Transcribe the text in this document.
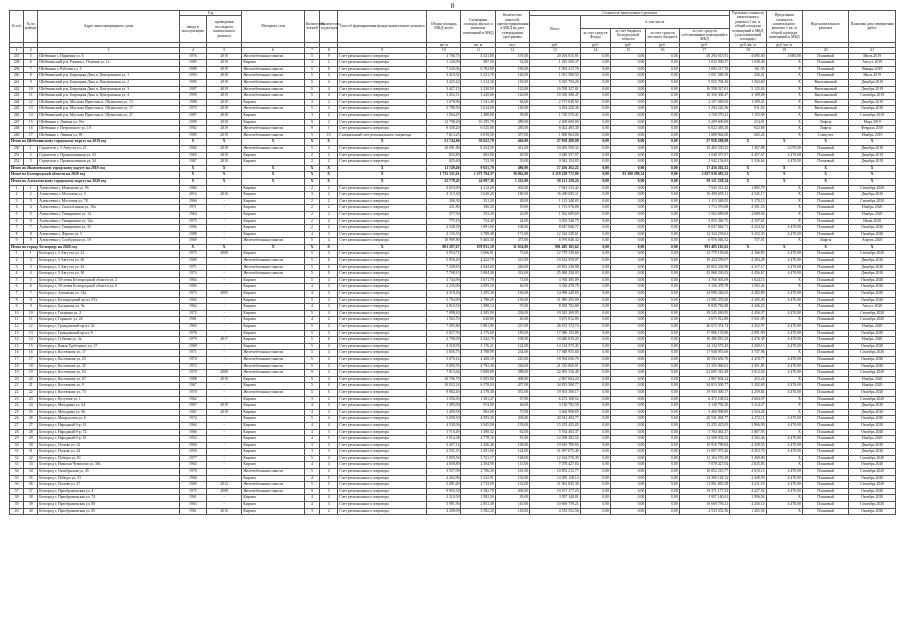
8
№ п/п	№ по району	Адрес многоквартирного дома	Год		Материал стен	Количество этажей	Количество подъездов	Способ формирования фонда капитального ремонта	Общая площадь МКД, всего	Суммарная площадь жилых и нежилых помещений в МКД	Количество жителей, зарегистрированных в МКД на дату утверждения программы	Стоимость капитального ремонта					Удельная стоимость капитального ремонта 1 кв. м общей площади помещений в МКД (для помещений площади)	Предельная стоимость капитального ремонта 1 кв. м общей площади помещений в МКД	Вид капитального ремонта	Плановая дата завершения работ
			ввода в эксплуатацию	проведения последнего капитального ремонта								Всего	в том числе							
													за счет средств Фонда	за счет бюджета Белгородской области	за счет средств местного бюджета	за счет средств собственников помещений в МКД				
									кв. м	кв. м	чел.	руб.	руб.	руб.	руб.	руб.	руб./кв. м	руб./кв. м		
1	2	3	4	5	6	7	8	9	10	11	12	13	14	15	16	17	18	19	20	21
237	5	Шебекино г, Парковая ул, 6	1976	2019	Железобетонные панели	5	9	Счет регионального оператора	3 708,75	4 331,80	191,00	20 294 015,91	0,00	0,00	0,00	20 294 015,91	4 685,00	4 685,00	Плановый	Июль 2019
238	6	Шебекинский р-н, Ржевка с, Полевая ул, 1а	1985	2019	Кирпич	3	2	Счет регионального оператора	1 126,00	987,50	52,00	1 025 500,37	0,00	0,00	0,00	1 025 500,37	1 038,48	X	Плановый	Август 2019
239	7	Шебекино г, Рабочая ул, 3	1988	2019	Железобетонные панели	5	6	Счет регионального оператора	7 545,06	6 782,00	190,00	1 092 217,76	0,00	0,00	0,00	1 092 217,76	161,05	X	Плановый	Январь 2019
240	8	Шебекинский р-н, Батрацкая Дача п, Центральная ул, 1	1993	2019	Железобетонные панели	5	4	Счет регионального оператора	3 410,32	3 221,70	120,00	1 051 580,50	0,00	0,00	0,00	1 051 580,50	326,41	X	Плановый	Июль 2019
241	9	Шебекинский р-н, Батрацкая Дача п, Центральная ул, 2	1995	2019	Железобетонные панели	5	4	Счет регионального оператора	3 425,42	3 214,30	118,00	5 025 794,26	0,00	0,00	0,00	5 025 794,26	1 563,60	X	Внеплановый	Декабрь 2019
242	10	Шебекинский р-н, Батрацкая Дача п, Центральная ул, 3	1997	2019	Железобетонные панели	5	4	Счет регионального оператора	3 427,15	3 230,50	122,00	16 558 327,01	0,00	0,00	0,00	16 558 327,01	5 125,62	X	Внеплановый	Декабрь 2019
243	11	Шебекинский р-н, Батрацкая Дача п, Центральная ул, 4	1999	2019	Железобетонные панели	5	4	Счет регионального оператора	3 452,11	3 245,60	126,00	10 350 308,47	0,00	0,00	0,00	10 350 308,47	3 189,08	X	Внеплановый	Сентябрь 2019
244	12	Шебекинский р-н, Маслова Пристань п, Шумилова ул, 13	1988	2019	Кирпич	3	2	Счет регионального оператора	1 678,90	1 541,40	64,00	2 157 049,92	0,00	0,00	0,00	2 157 049,92	1 399,41	X	Внеплановый	Декабрь 2019
245	13	Шебекинский р-н, Маслова Пристань п, Шумилова ул, 17	1975	2019	Железобетонные панели	5	4	Счет регионального оператора	3 780,50	3 614,00	140,00	3 294 220,36	0,00	0,00	0,00	3 294 220,36	911,52	X	Внеплановый	Октябрь 2019
246	14	Шебекинский р-н, Маслова Пристань п, Шумилова ул, 27	1987	2019	Кирпич	3	2	Счет регионального оператора	1 564,45	1 488,80	58,00	1 720 570,41	0,00	0,00	0,00	1 720 570,41	1 155,68	X	Внеплановый	Сентябрь 2019
247	15	Шебекино г, Ленина ул, 91а	1999	2019	Кирпич	9	2	Счет регионального оператора	12 798,20	10 295,70	289,00	2 209 600,00	0,00	0,00	0,00	2 209 600,00	214,61	X	Лифты	Март 2019
248	16	Шебекино г, Петровского ул, 10	1992	2019	Железобетонные панели	9	1	Счет регионального оператора	9 358,20	6 525,80	285,00	6 022 483,30	0,00	0,00	0,00	6 022 483,30	922,88	X	Лифты	Февраль 2019
249	17	Шебекино г, Ленина ул, 89	1985	2019	Железобетонные панели	5	10	Специальный счет регионального оператора	7 613,25	6 819,50	357,00	1 808 964,00	0,00	0,00	0,00	1 808 964,00	265,26	X	Спецсчет	Ноябрь 2019
Итого по Шебекинскому городскому округу на 2019 год			X	X	X	X	X	X	51 744,60	59 652,78	466,00	27 958 288,08	0,00	0,00	0,00	27 958 288,08	X	X	X	X
250	1	Строитель г, 5 Августа ул, 21	1982	2019	Железобетонные панели	5	4	Счет регионального оператора	10 091,00	8 254,50	411,00	10 465 550,32	0,00	0,00	0,00	10 465 550,32	1 267,88	4 070,00	Плановый	Декабрь 2019
251	2	Строитель г, Промышленная ул, 32	1965	2019	Кирпич	2	2	Счет регионального оператора	832,80	683,90	40,00	3 048 557,07	0,00	0,00	0,00	3 048 557,07	4 457,67	4 470,00	Плановый	Декабрь 2019
252	3	Строитель г, Промышленная ул, 34	1967	2019	Кирпич	2	2	Счет регионального оператора	825,60	713,30	35,00	3 942 154,83	0,00	0,00	0,00	3 942 154,83	5 526,64	4 470,00	Плановый	Декабрь 2019
Итого по Яковлевскому городскому округу на 2019 год			X	X	X	X	X	X	11 749,40	9 651,70	486,00	17 456 262,22	0,00	0,00	0,00	17 456 262,22	X	X	X	X
Итого по Белгородской области на 2020 год			X	X	X	X	X	X	1 735 331,61	1 273 794,37	38 062,00	2 119 238 772,86	0,00	91 308 289,34	0,00	2 027 930 483,52	X	X	X	X
Итого по Алексеевскому городскому округу на 2020 год			X	X	X	X	X	X	25 778,45	24 097,36	1 225,00	59 121 228,24	0,00	0,00	0,00	59 121 228,24	X	X	X	X
1	1	Алексеевка г, Мамонова ул, 9б	1984	-	Кирпич	2	2	Счет регионального оператора	4 653,90	4 212,20	202,00	7 943 313,42	0,00	0,00	0,00	7 943 313,42	1 885,79	X	Плановый	Сентябрь 2020
2	2	Алексеевка г, Мостовая ул, 3	2016	2016	Кирпич	3	2	Счет регионального оператора	4 115,30	3 628,20	180,00	16 490 695,11	0,00	0,00	0,00	16 490 695,11	4 545,17	X	Плановый	Декабрь 2020
3	3	Алексеевка г, Мостовая ул, 78	1966	-	Кирпич	2	2	Счет регионального оператора	396,30	351,20	28,00	1 113 348,05	0,00	0,00	0,00	1 113 348,05	3 170,13	X	Плановый	Сентябрь 2020
4	4	Алексеевка г, Спасательная ул, 10а	1971	-	Кирпич	2	2	Счет регионального оператора	431,80	390,20	19,00	1 713 576,88	0,00	0,00	0,00	1 713 576,88	4 391,53	X	Плановый	Ноябрь 2020
5	5	Алексеевка г, Тимирязева ул, 14	1964	-	Кирпич	2	2	Счет регионального оператора	377,30	333,20	22,00	1 562 689,69	0,00	0,00	0,00	1 562 689,69	4 689,94	X	Плановый	Ноябрь 2020
6	6	Алексеевка г, Тимирязева ул, 14а	1975	-	Кирпич	2	2	Счет регионального оператора	775,10	734,40	24,00	3 053 346,75	0,00	0,00	0,00	3 053 346,75	4 157,61	X	Плановый	Июнь 2020
7	7	Алексеевка г, Тимирязева ул, 35	1966	-	Кирпич	2	2	Счет регионального оператора	2 348,50	1 891,60	104,00	8 047 846,71	0,00	0,00	0,00	8 047 846,71	4 254,52	4 470,00	Плановый	Октябрь 2020
8	8	Алексеевка г, Фрунзе ул, 5	1988	-	Кирпич	4	3	Счет регионального оператора	4 135,55	3 789,40	171,00	12 324 239,61	0,00	0,00	0,00	12 324 239,61	3 252,35	4 470,00	Плановый	Октябрь 2020
9	9	Алексеевка г, Слободская ул, 19	1969	-	Железобетонные панели	5	4	Счет регионального оператора	10 999,90	9 465,30	475,00	6 976 046,32	0,00	0,00	0,00	6 976 046,32	737,01	X	Лифты	Апрель 2020
Итого по городу Белгороду на 2020 год			X	X	X	X	X	X	901 297,67	678 931,18	31 634,00	991 485 165,62	0,00	0,00	0,00	991 485 165,62	X	X	X	X
1	1	Белгород г, 5 Августа ул, 22	1975	2008	Кирпич	5	4	Счет регионального оператора	3 954,71	3 066,91	73,00	12 779 139,60	0,00	0,00	0,00	12 779 139,60	4 166,83	4 470,00	Плановый	Сентябрь 2020
2	2	Белгород г, 5 Августа ул, 26	1969	-	Железобетонные панели	5	6	Счет регионального оператора	5 956,20	4 422,70	213,00	19 434 559,07	0,00	0,00	0,00	19 434 559,07	4 394,28	4 470,00	Плановый	Декабрь 2020
3	3	Белгород г, 5 Августа ул, 34	1971	-	Железобетонные панели	5	6	Счет регионального оператора	7 249,63	4 944,60	246,00	20 852 236,98	0,00	0,00	0,00	20 852 236,98	4 217,17	4 470,00	Плановый	Декабрь 2020
4	4	Белгород г, 5 Августа ул, 38	1974	-	Железобетонные панели	5	8	Счет регионального оператора	7 708,10	5 804,40	314,00	25 868 230,03	0,00	0,00	0,00	25 868 230,03	4 456,67	4 470,00	Плановый	Декабрь 2020
5	5	Белгород г, 50-летия Белгородской области ул, 2	1964	-	Кирпич	5	4	Счет регионального оператора	3 744,90	3 671,70	73,00	3 760 305,09	0,00	0,00	0,00	3 760 305,09	1 024,13	X	Плановый	Октябрь 2020
6	6	Белгород г, 50-летия Белгородской области ул, 6	1965	-	Кирпич	4	3	Счет регионального оператора	2 235,00	2 095,20	40,00	3 336 478,78	0,00	0,00	0,00	3 336 478,78	1 592,44	X	Плановый	Октябрь 2020
7	7	Белгород г, Агошкова ул, 14а	1973	2005	Кирпич	4	4	Счет регионального оператора	4 318,40	3 295,30	136,00	14 096 240,65	0,00	0,00	0,00	14 096 240,65	4 282,80	4 470,00	Плановый	Октябрь 2020
8	8	Белгород г, Белгородский пр-кт, 87а	1965	-	Кирпич	5	3	Счет регионального оператора	3 794,90	2 790,25	130,00	11 985 255,00	0,00	0,00	0,00	11 985 255,00	4 295,40	4 470,00	Плановый	Октябрь 2020
9	9	Белгород г, Богданова ул, 9а	1962	-	Кирпич	4	3	Счет регионального оператора	2 810,54	1 988,14	97,00	8 839 782,88	0,00	0,00	0,00	8 839 782,88	4 446,23	X	Плановый	Август 2020
10	10	Белгород г, Гагарина ул, 2	1972	-	Кирпич	5	4	Счет регионального оператора	7 098,40	4 385,90	236,00	19 545 269,95	0,00	0,00	0,00	19 545 269,95	4 456,37	4 470,00	Плановый	Сентябрь 2020
11	11	Белгород г, Горького ул, 24	1961	-	Кирпич	4	2	Счет регионального оператора	1 563,70	620,80	40,00	3 675 812,80	0,00	0,00	0,00	3 675 812,80	5 921,09	X	Плановый	Сентябрь 2020
12	12	Белгород г, Гражданский пр-кт, 32	1965	-	Кирпич	5	4	Счет регионального оператора	7 585,80	5 801,80	215,00	26 672 374,74	0,00	0,00	0,00	26 672 374,74	4 452,97	4 470,00	Плановый	Ноябрь 2020
13	13	Белгород г, Гражданский пр-кт, 8	1976	-	Кирпич	5	4	Счет регионального оператора	5 837,50	4 175,60	185,00	17 086 135,80	0,00	0,00	0,00	17 086 135,80	4 091,90	4 470,00	Плановый	Октябрь 2020
14	14	Белгород г, Губкина ул, 3а	1979	2017	Кирпич	5	6	Счет регионального оператора	2 790,00	2 342,70	108,00	10 486 819,20	0,00	0,00	0,00	10 486 819,20	4 476,38	4 470,00	Плановый	Ноябрь 2020
15	15	Белгород г, Князя Трубецкого ул, 17	1969	-	Кирпич	5	4	Счет регионального оператора	4 318,95	3 176,21	122,00	14 134 575,45	0,00	0,00	0,00	14 134 575,45	4 450,13	4 470,00	Плановый	Октябрь 2020
16	16	Белгород г, Костюкова ул, 17	1971	-	Железобетонные панели	5	4	Счет регионального оператора	5 056,75	4 788,99	234,00	17 948 955,60	0,00	0,00	0,00	17 948 955,60	3 747,96	X	Плановый	Сентябрь 2020
17	17	Белгород г, Костюкова ул, 23	1970	-	Железобетонные панели	5	4	Счет регионального оператора	5 670,12	4 208,10	210,00	18 594 656,70	0,00	0,00	0,00	18 594 656,70	4 418,77	4 470,00	Плановый	Октябрь 2020
18	18	Белгород г, Костюкова ул, 25	1972	-	Железобетонные панели	5	4	Счет регионального оператора	5 695,55	4 792,40	226,00	21 335 060,01	0,00	0,00	0,00	21 335 060,01	4 451,85	4 470,00	Плановый	Октябрь 2020
19	19	Белгород г, Костюкова ул, 63	1970	2008	Железобетонные панели	9	4	Счет регионального оператора	7 813,64	5 869,80	288,00	22 695 316,49	0,00	0,00	0,00	22 695 316,49	3 912,04	4 470,00	Плановый	Сентябрь 2020
20	20	Белгород г, Костюкова ул, 67	1988	2019	Кирпич	9	4	Счет регионального оператора	10 706,70	6 905,80	498,00	2 867 604,24	0,00	0,00	0,00	2 867 604,24	415,24	X	Плановый	Ноябрь 2020
21	21	Белгород г, Костюкова ул, 9	1967	-	Кирпич	5	4	Счет регионального оператора	10 022,14	6 578,04	457,00	34 815 500,77	0,00	0,00	0,00	34 815 500,77	5 292,69	4 470,00	Плановый	Ноябрь 2020
22	22	Белгород г, Костюкова ул, 73	1970	-	Железобетонные панели	5	6	Счет регионального оператора	9 882,40	4 578,40	351,00	19 503 300,17	0,00	0,00	0,00	19 503 300,17	4 259,84	4 470,00	Плановый	Октябрь 2020
23	23	Белгород г, Кутузова ул, 1	1962	-	Кирпич	3	2	Счет регионального оператора	1 550,50	1 381,47	67,00	6 472 108,52	0,00	0,00	0,00	6 472 108,52	4 684,97	X	Плановый	Сентябрь 2020
24	24	Белгород г, Мичурина ул, 64	1967	2019	Кирпич	4	3	Счет регионального оператора	1 495,00	974,00	46,00	3 130 792,50	0,00	0,00	0,00	3 130 792,50	3 214,37	X	Плановый	Декабрь 2020
25	25	Белгород г, Мичурина ул, 66	1967	2019	Кирпич	4	3	Счет регионального оператора	1 490,58	982,00	57,00	3 460 998,85	0,00	0,00	0,00	3 460 998,85	3 524,44	X	Плановый	Декабрь 2020
26	26	Белгород г, Мокроусова ул, 6	1972	-	Кирпич	5	4	Счет регионального оператора	5 690,30	4 593,30	203,00	20 541 494,77	0,00	0,00	0,00	20 541 494,77	4 472,11	4 470,00	Плановый	Октябрь 2020
27	27	Белгород г, Народный б-р, 61	1964	-	Кирпич	4	4	Счет регионального оператора	4 530,56	3 945,00	135,00	15 255 425,05	0,00	0,00	0,00	15 255 425,05	3 866,99	4 470,00	Плановый	Октябрь 2020
28	28	Белгород г, Народный б-р, 72	1966	-	Кирпич	4	3	Счет регионального оператора	1 710,49	1 490,32	62,00	5 764 463,37	0,00	0,00	0,00	5 764 463,37	3 867,93	X	Плановый	Октябрь 2020
29	29	Белгород г, Народный б-р, 81	1952	-	Кирпич	4	5	Счет регионального оператора	3 014,38	2 778,10	81,00	12 508 302,52	0,00	0,00	0,00	12 508 302,52	4 502,46	4 470,00	Плановый	Ноябрь 2020
30	30	Белгород г, Попова ул, 32	1960	-	Кирпич	3	3	Счет регионального оператора	3 457,14	2 436,46	138,00	10 816 789,84	0,00	0,00	0,00	10 816 789,84	4 439,55	4 470,00	Плановый	Декабрь 2020
31	31	Белгород г, Попова ул, 24	1959	-	Кирпич	3	3	Счет регионального оператора	2 531,35	2 491,60	124,00	11 097 075,46	0,00	0,00	0,00	11 097 075,46	4 453,79	4 470,00	Плановый	Декабрь 2020
32	32	Белгород г, Победы ул, 81	1977	-	Кирпич	5	4	Счет регионального оператора	5 005,56	3 721,17	128,00	12 164 576,39	0,00	0,00	0,00	12 164 576,39	3 269,00	X	Плановый	Сентябрь 2020
33	33	Белгород г, Николая Чумичова ул, 38а	1963	-	Кирпич	4	4	Счет регионального оператора	4 658,89	2 504,90	115,00	7 078 427,04	0,00	0,00	0,00	7 078 427,04	2 825,83	X	Плановый	Октябрь 2020
34	34	Белгород г, Октябрьская ул, 45	1970	-	Железобетонные панели	5	4	Счет регионального оператора	3 557,09	2 706,20	161,00	10 852 215,77	0,00	0,00	0,00	10 852 215,77	4 010,13	4 470,00	Плановый	Сентябрь 2020
35	35	Белгород г, Победы ул, 53	1966	-	Кирпич	4	5	Счет регионального оператора	4 262,90	3 232,91	152,00	14 385 128,14	0,00	0,00	0,00	14 385 128,14	4 449,59	4 470,00	Плановый	Октябрь 2020
36	36	Белгород г, Попова ул, 47	1969	2012	Железобетонные панели	5	5	Счет регионального оператора	3 081,60	2 713,50	132,00	11 961 845,38	0,00	0,00	0,00	11 961 845,38	4 411,18	4 470,00	Плановый	Сентябрь 2020
37	37	Белгород г, Преображенская ул, 4	1975	2008	Железобетонные панели	9	5	Счет регионального оператора	9 903,30	4 582,70	200,00	19 371 177,23	0,00	0,00	0,00	19 371 177,23	4 227,02	4 470,00	Плановый	Октябрь 2020
38	38	Белгород г, Преображенская ул, 74	1961	-	Кирпич	4	4	Счет регионального оператора	2 210,50	1 982,50	83,00	3 957 140,01	0,00	0,00	0,00	3 957 140,01	1 996,04	X	Плановый	Октябрь 2020
39	39	Белгород г, Преображенская ул, 80	1963	-	Кирпич	4	3	Счет регионального оператора	3 991,90	2 851,30	110,00	10 669 759,21	0,00	0,00	0,00	10 669 759,21	4 436,14	4 470,00	Плановый	Сентябрь 2020
40	40	Белгород г, Преображенская ул, 85	1961	2019	Кирпич	3	2	Счет регионального оператора	4 208,09	3 582,20	118,00	4 533 552,56	0,00	0,00	0,00	4 533 552,56	1 265,58	X	Плановый	Октябрь 2020
